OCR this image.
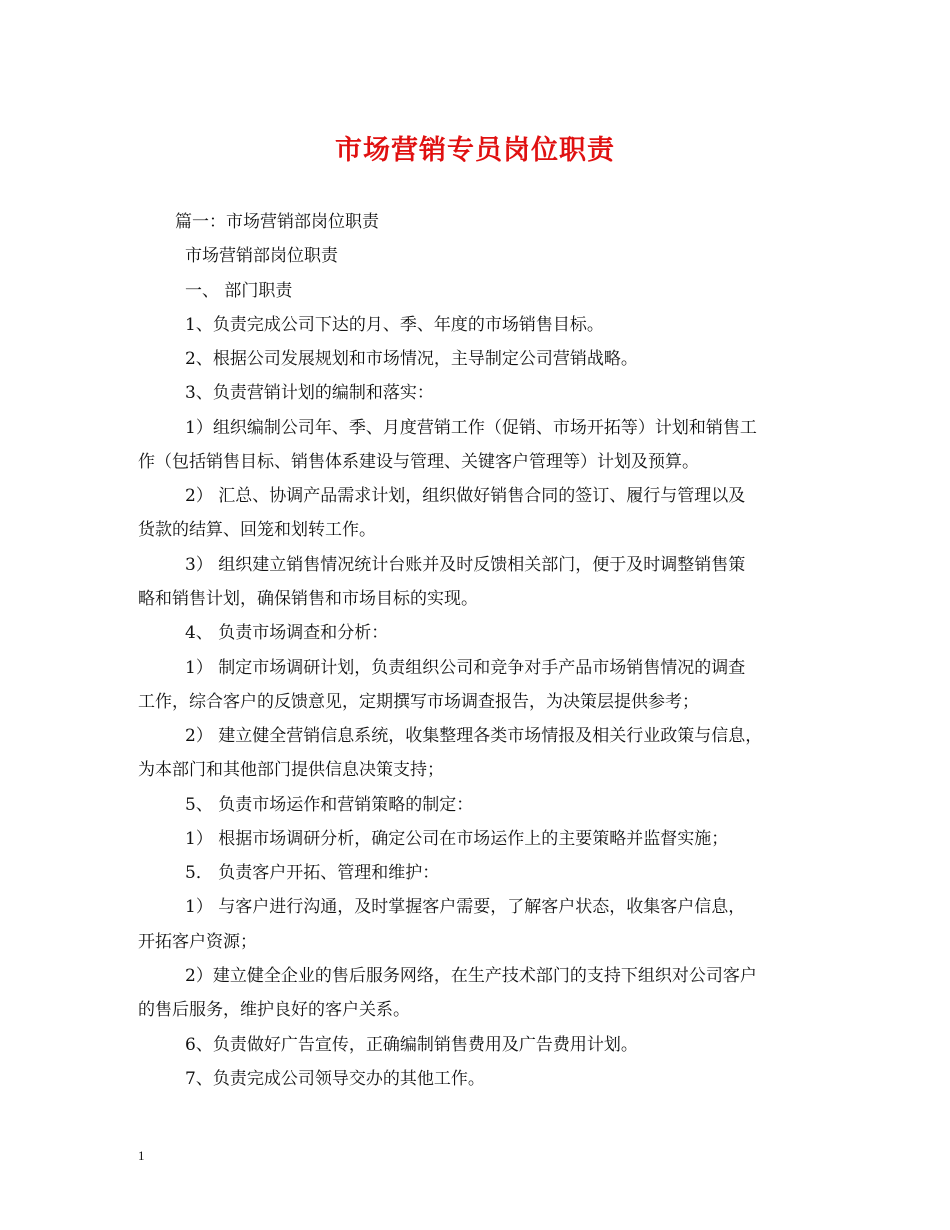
市场营销专员岗位职责
篇一：市场营销部岗位职责
市场营销部岗位职责
一、 部门职责
1、负责完成公司下达的月、季、年度的市场销售目标。
2、根据公司发展规划和市场情况，主导制定公司营销战略。
3、负责营销计划的编制和落实：
1）组织编制公司年、季、月度营销工作（促销、市场开拓等）计划和销售工
作（包括销售目标、销售体系建设与管理、关键客户管理等）计划及预算。
2） 汇总、协调产品需求计划，组织做好销售合同的签订、履行与管理以及
货款的结算、回笼和划转工作。
3） 组织建立销售情况统计台账并及时反馈相关部门，便于及时调整销售策
略和销售计划，确保销售和市场目标的实现。
4、 负责市场调查和分析：
1） 制定市场调研计划，负责组织公司和竞争对手产品市场销售情况的调查
工作，综合客户的反馈意见，定期撰写市场调查报告，为决策层提供参考；
2） 建立健全营销信息系统，收集整理各类市场情报及相关行业政策与信息，
为本部门和其他部门提供信息决策支持；
5、 负责市场运作和营销策略的制定：
1） 根据市场调研分析，确定公司在市场运作上的主要策略并监督实施；
5． 负责客户开拓、管理和维护：
1） 与客户进行沟通，及时掌握客户需要，了解客户状态，收集客户信息，
开拓客户资源；
2）建立健全企业的售后服务网络，在生产技术部门的支持下组织对公司客户
的售后服务，维护良好的客户关系。
6、负责做好广告宣传，正确编制销售费用及广告费用计划。
7、负责完成公司领导交办的其他工作。
1
